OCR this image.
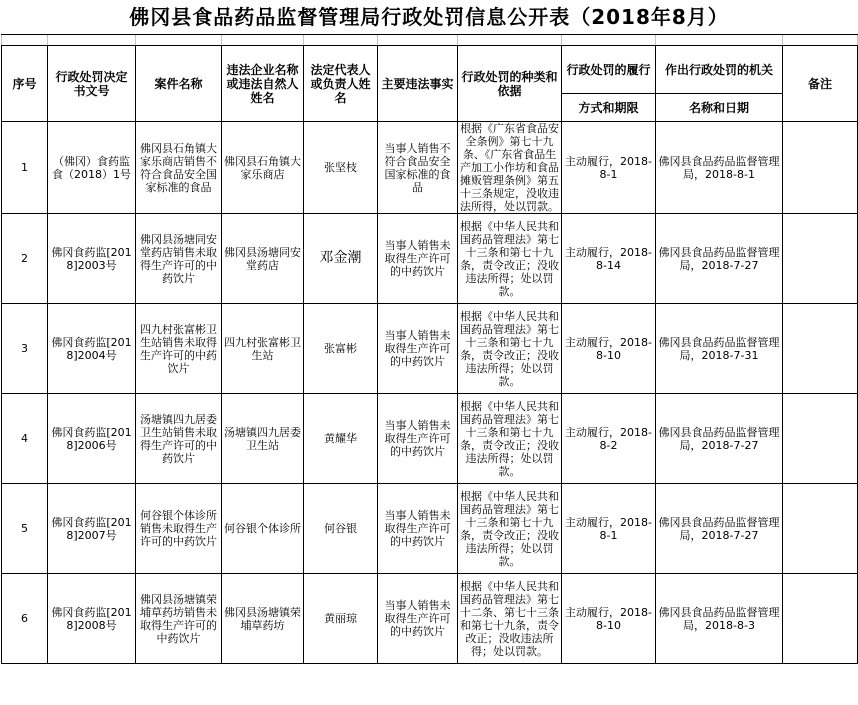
佛冈县食品药品监督管理局行政处罚信息公开表（2018年8月）

序号	行政处罚决定书文号	案件名称	违法企业名称或违法自然人姓名	法定代表人或负责人姓名	主要违法事实	行政处罚的种类和依据	行政处罚的履行	作出行政处罚的机关	备注
							方式和期限	名称和日期	
1	（佛冈）食药监食（2018）1号	佛冈县石角镇大家乐商店销售不符合食品安全国家标准的食品	佛冈县石角镇大家乐商店	张坚枝	当事人销售不符合食品安全国家标准的食品	根据《广东省食品安全条例》第七十九条、《广东省食品生产加工小作坊和食品摊贩管理条例》第五十三条规定，没收违法所得，处以罚款。	主动履行，2018-8-1	佛冈县食品药品监督管理局，2018-8-1	
2	佛冈食药监[2018]2003号	佛冈县汤塘同安堂药店销售未取得生产许可的中药饮片	佛冈县汤塘同安堂药店	邓金潮	当事人销售未取得生产许可的中药饮片	根据《中华人民共和国药品管理法》第七十三条和第七十九条，责令改正；没收违法所得；处以罚款。	主动履行，2018-8-14	佛冈县食品药品监督管理局，2018-7-27	
3	佛冈食药监[2018]2004号	四九村张富彬卫生站销售未取得生产许可的中药饮片	四九村张富彬卫生站	张富彬	当事人销售未取得生产许可的中药饮片	根据《中华人民共和国药品管理法》第七十三条和第七十九条，责令改正；没收违法所得；处以罚款。	主动履行，2018-8-10	佛冈县食品药品监督管理局，2018-7-31	
4	佛冈食药监[2018]2006号	汤塘镇四九居委卫生站销售未取得生产许可的中药饮片	汤塘镇四九居委卫生站	黄耀华	当事人销售未取得生产许可的中药饮片	根据《中华人民共和国药品管理法》第七十三条和第七十九条，责令改正；没收违法所得；处以罚款。	主动履行，2018-8-2	佛冈县食品药品监督管理局，2018-7-27	
5	佛冈食药监[2018]2007号	何谷银个体诊所销售未取得生产许可的中药饮片	何谷银个体诊所	何谷银	当事人销售未取得生产许可的中药饮片	根据《中华人民共和国药品管理法》第七十三条和第七十九条，责令改正；没收违法所得；处以罚款。	主动履行，2018-8-1	佛冈县食品药品监督管理局，2018-7-27	
6	佛冈食药监[2018]2008号	佛冈县汤塘镇荣埔草药坊销售未取得生产许可的中药饮片	佛冈县汤塘镇荣埔草药坊	黄丽琼	当事人销售未取得生产许可的中药饮片	根据《中华人民共和国药品管理法》第七十二条、第七十三条和第七十九条，责令改正；没收违法所得；处以罚款。	主动履行，2018-8-10	佛冈县食品药品监督管理局，2018-8-3	
